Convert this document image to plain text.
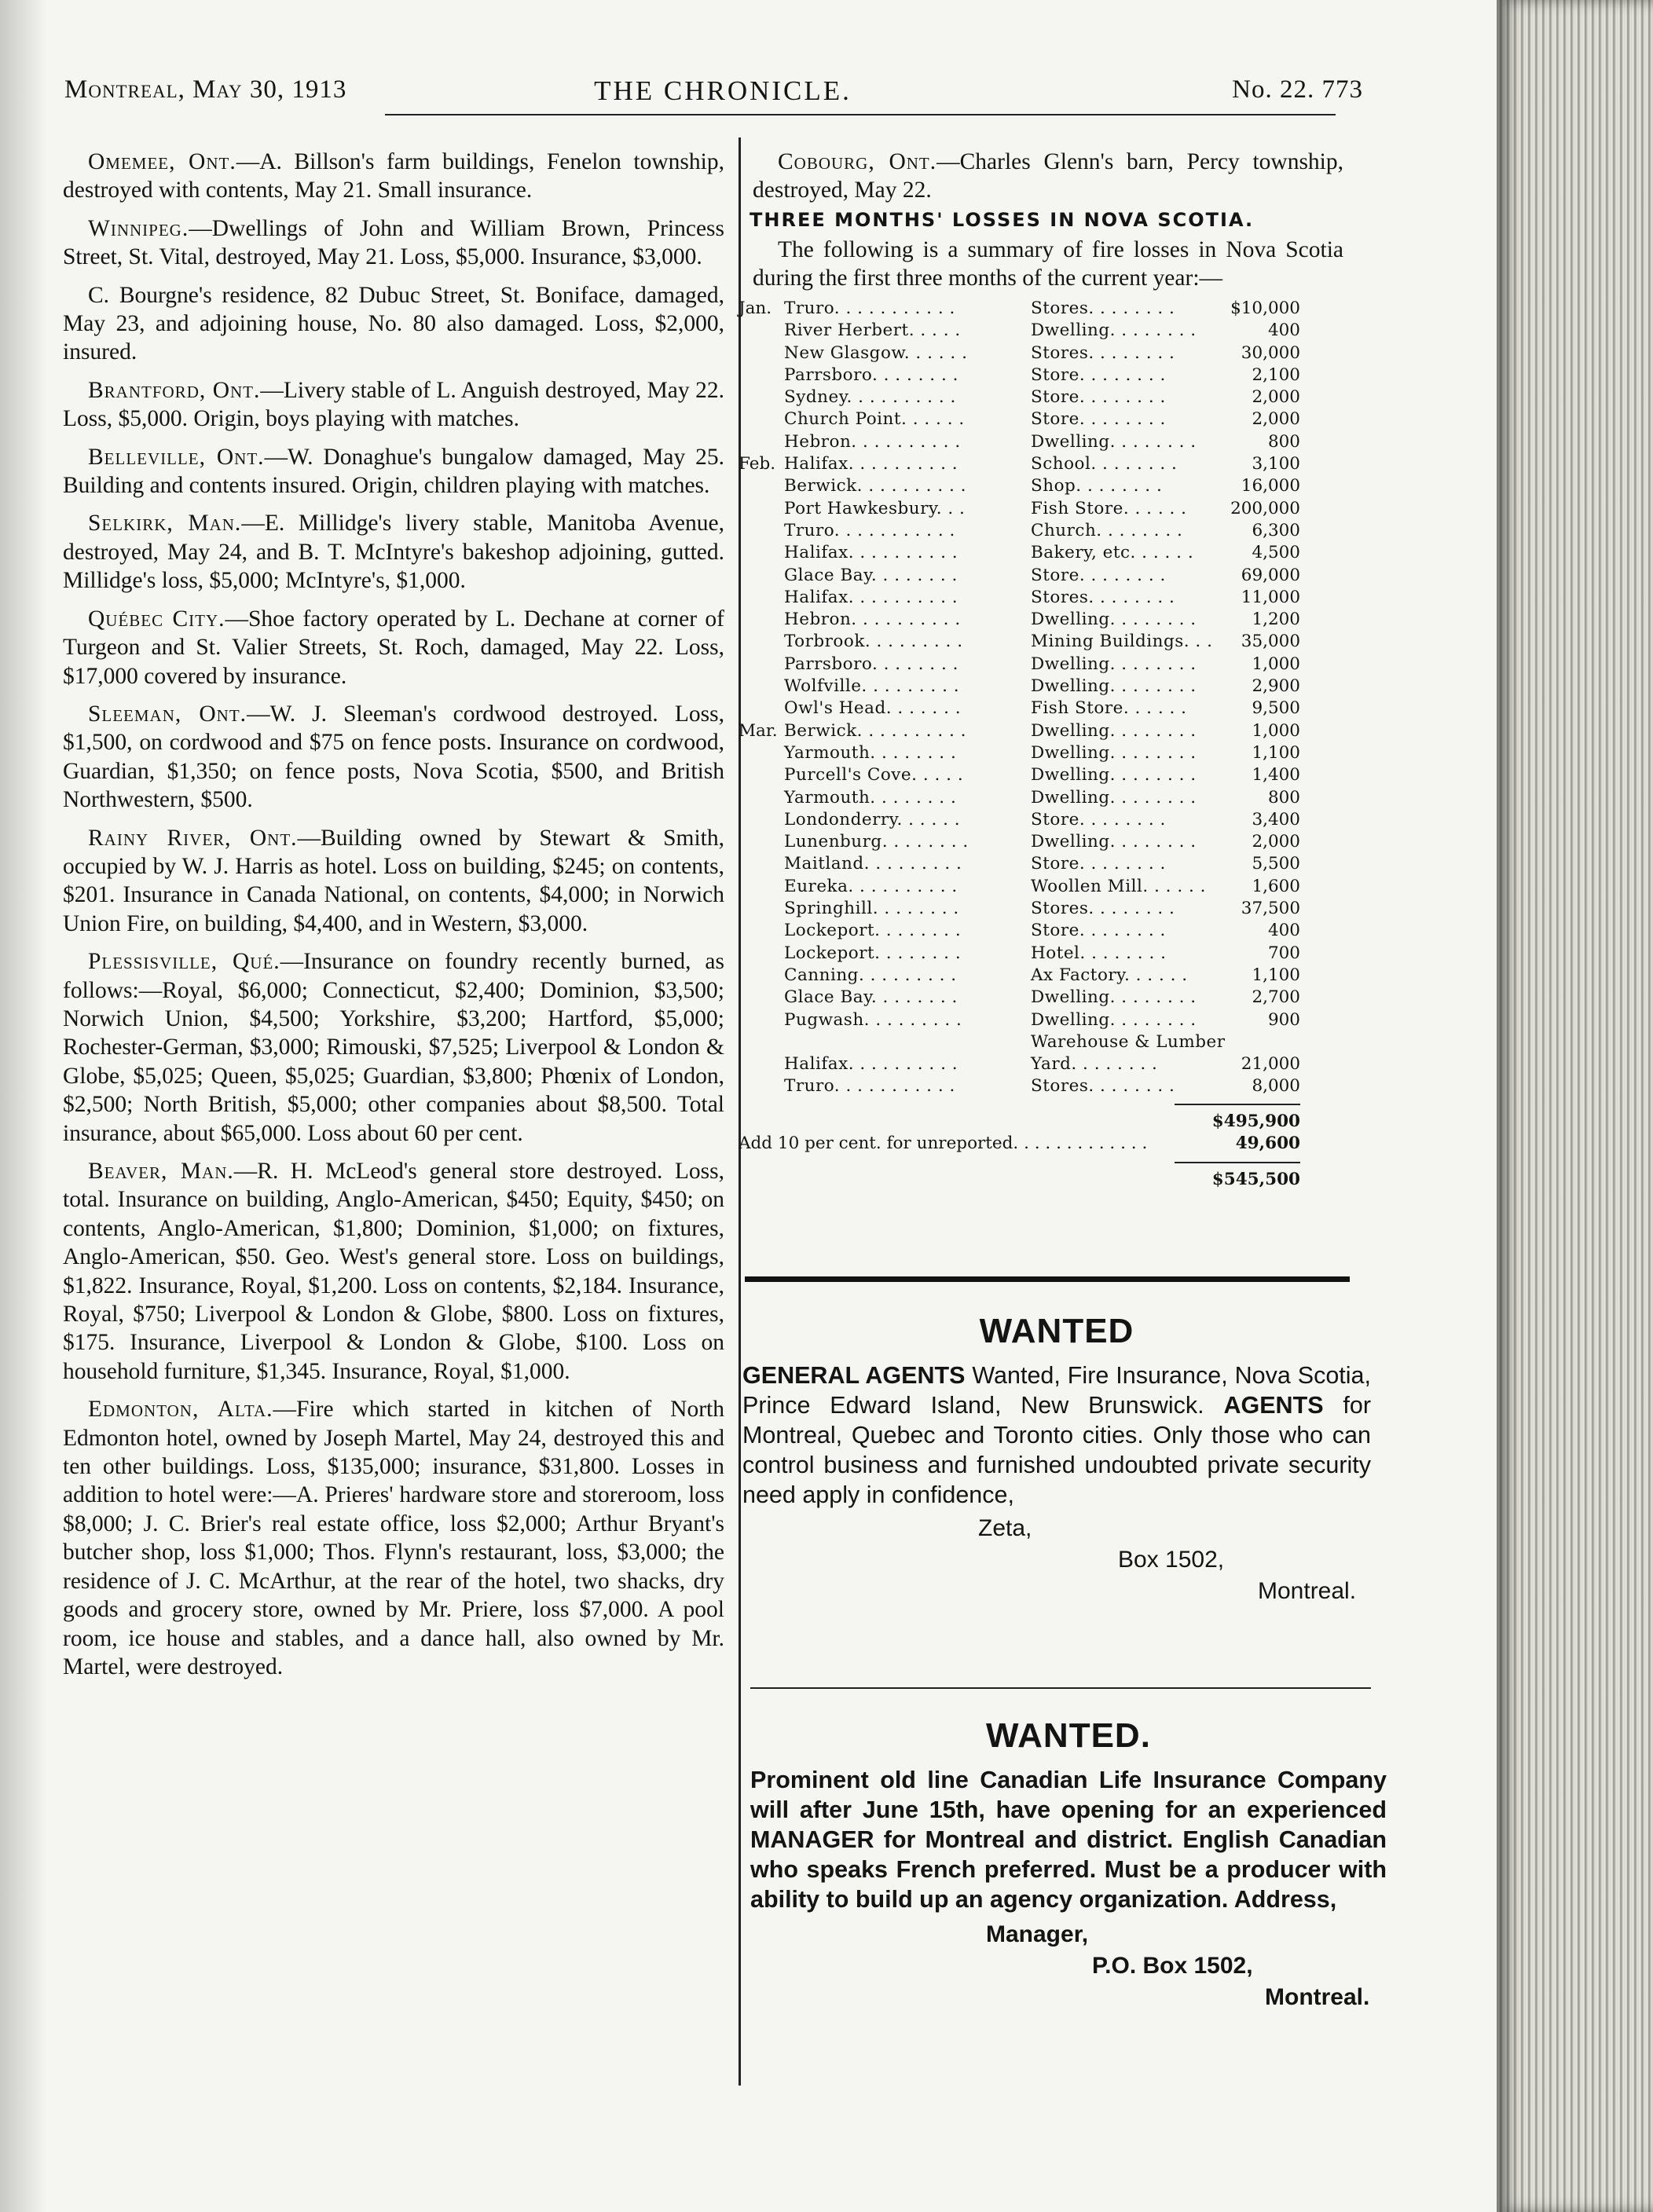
Montreal, May 30, 1913	THE CHRONICLE.	No. 22. 773

Omemee, Ont.—A. Billson's farm buildings, Fenelon township, destroyed with contents, May 21. Small insurance.

Winnipeg.—Dwellings of John and William Brown, Princess Street, St. Vital, destroyed, May 21. Loss, $5,000. Insurance, $3,000.

C. Bourgne's residence, 82 Dubuc Street, St. Boniface, damaged, May 23, and adjoining house, No. 80 also damaged. Loss, $2,000, insured.

Brantford, Ont.—Livery stable of L. Anguish destroyed, May 22. Loss, $5,000. Origin, boys playing with matches.

Belleville, Ont.—W. Donaghue's bungalow damaged, May 25. Building and contents insured. Origin, children playing with matches.

Selkirk, Man.—E. Millidge's livery stable, Manitoba Avenue, destroyed, May 24, and B. T. McIntyre's bakeshop adjoining, gutted. Millidge's loss, $5,000; McIntyre's, $1,000.

Québec City.—Shoe factory operated by L. Dechane at corner of Turgeon and St. Valier Streets, St. Roch, damaged, May 22. Loss, $17,000 covered by insurance.

Sleeman, Ont.—W. J. Sleeman's cordwood destroyed. Loss, $1,500, on cordwood and $75 on fence posts. Insurance on cordwood, Guardian, $1,350; on fence posts, Nova Scotia, $500, and British Northwestern, $500.

Rainy River, Ont.—Building owned by Stewart & Smith, occupied by W. J. Harris as hotel. Loss on building, $245; on contents, $201. Insurance in Canada National, on contents, $4,000; in Norwich Union Fire, on building, $4,400, and in Western, $3,000.

Plessisville, Qué.—Insurance on foundry recently burned, as follows:—Royal, $6,000; Connecticut, $2,400; Dominion, $3,500; Norwich Union, $4,500; Yorkshire, $3,200; Hartford, $5,000; Rochester-German, $3,000; Rimouski, $7,525; Liverpool & London & Globe, $5,025; Queen, $5,025; Guardian, $3,800; Phœnix of London, $2,500; North British, $5,000; other companies about $8,500. Total insurance, about $65,000. Loss about 60 per cent.

Beaver, Man.—R. H. McLeod's general store destroyed. Loss, total. Insurance on building, Anglo-American, $450; Equity, $450; on contents, Anglo-American, $1,800; Dominion, $1,000; on fixtures, Anglo-American, $50. Geo. West's general store. Loss on buildings, $1,822. Insurance, Royal, $1,200. Loss on contents, $2,184. Insurance, Royal, $750; Liverpool & London & Globe, $800. Loss on fixtures, $175. Insurance, Liverpool & London & Globe, $100. Loss on household furniture, $1,345. Insurance, Royal, $1,000.

Edmonton, Alta.—Fire which started in kitchen of North Edmonton hotel, owned by Joseph Martel, May 24, destroyed this and ten other buildings. Loss, $135,000; insurance, $31,800. Losses in addition to hotel were:—A. Prieres' hardware store and storeroom, loss $8,000; J. C. Brier's real estate office, loss $2,000; Arthur Bryant's butcher shop, loss $1,000; Thos. Flynn's restaurant, loss, $3,000; the residence of J. C. McArthur, at the rear of the hotel, two shacks, dry goods and grocery store, owned by Mr. Priere, loss $7,000. A pool room, ice house and stables, and a dance hall, also owned by Mr. Martel, were destroyed.

Cobourg, Ont.—Charles Glenn's barn, Percy township, destroyed, May 22.
THREE MONTHS' LOSSES IN NOVA SCOTIA.
The following is a summary of fire losses in Nova Scotia during the first three months of the current year:—
Jan. Truro. . . . . . . . . . .	Stores. . . . . . . .	$10,000
River Herbert. . . . .	Dwelling. . . . . . . .	400
New Glasgow. . . . . .	Stores. . . . . . . .	30,000
Parrsboro. . . . . . . .	Store. . . . . . . .	2,100
Sydney. . . . . . . . . .	Store. . . . . . . .	2,000
Church Point. . . . . .	Store. . . . . . . .	2,000
Hebron. . . . . . . . . .	Dwelling. . . . . . . .	800
Feb. Halifax. . . . . . . . . .	School. . . . . . . .	3,100
Berwick. . . . . . . . . .	Shop. . . . . . . .	16,000
Port Hawkesbury. . .	Fish Store. . . . . .	200,000
Truro. . . . . . . . . . .	Church. . . . . . . .	6,300
Halifax. . . . . . . . . .	Bakery, etc. . . . . .	4,500
Glace Bay. . . . . . . .	Store. . . . . . . .	69,000
Halifax. . . . . . . . . .	Stores. . . . . . . .	11,000
Hebron. . . . . . . . . .	Dwelling. . . . . . . .	1,200
Torbrook. . . . . . . . .	Mining Buildings. . . 35,000
Parrsboro. . . . . . . .	Dwelling. . . . . . . .	1,000
Wolfville. . . . . . . . .	Dwelling. . . . . . . .	2,900
Owl's Head. . . . . . .	Fish Store. . . . . .	9,500
Mar. Berwick. . . . . . . . . .	Dwelling. . . . . . . .	1,000
Yarmouth. . . . . . . .	Dwelling. . . . . . . .	1,100
Purcell's Cove. . . . .	Dwelling. . . . . . . .	1,400
Yarmouth. . . . . . . .	Dwelling. . . . . . . .	800
Londonderry. . . . . .	Store. . . . . . . .	3,400
Lunenburg. . . . . . . .	Dwelling. . . . . . . .	2,000
Maitland. . . . . . . . .	Store. . . . . . . .	5,500
Eureka. . . . . . . . . .	Woollen Mill. . . . . .	1,600
Springhill. . . . . . . .	Stores. . . . . . . .	37,500
Lockeport. . . . . . . .	Store. . . . . . . .	400
Lockeport. . . . . . . .	Hotel. . . . . . . .	700
Canning. . . . . . . . .	Ax Factory. . . . . .	1,100
Glace Bay. . . . . . . .	Dwelling. . . . . . . .	2,700
Pugwash. . . . . . . . .	Dwelling. . . . . . . .	900
Warehouse & Lumber
Halifax. . . . . . . . . .	Yard. . . . . . . .	21,000
Truro. . . . . . . . . . .	Stores. . . . . . . .	8,000
$495,900
Add 10 per cent. for unreported. . . . . . . . . . . . .	49,600
$545,500
WANTED
GENERAL AGENTS Wanted, Fire Insurance, Nova Scotia, Prince Edward Island, New Brunswick. AGENTS for Montreal, Quebec and Toronto cities. Only those who can control business and furnished undoubted private security need apply in confidence,
Zeta,
Box 1502,
Montreal.
WANTED.
Prominent old line Canadian Life Insurance Company will after June 15th, have opening for an experienced MANAGER for Montreal and district. English Canadian who speaks French preferred. Must be a producer with ability to build up an agency organization. Address,
Manager,
P.O. Box 1502,
Montreal.
